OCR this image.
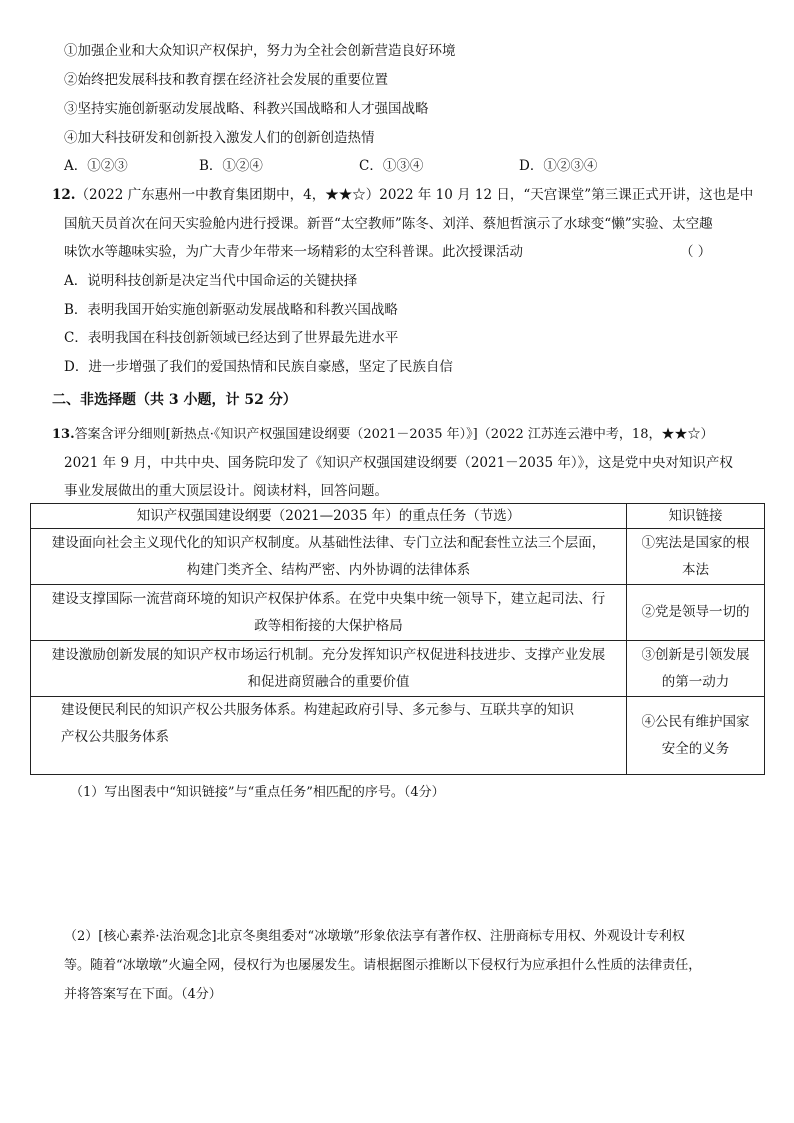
①加强企业和大众知识产权保护，努力为全社会创新营造良好环境
②始终把发展科技和教育摆在经济社会发展的重要位置
③坚持实施创新驱动发展战略、科教兴国战略和人才强国战略
④加大科技研发和创新投入激发人们的创新创造热情
A．①②③	B．①②④	C．①③④	D．①②③④
12.（2022 广东惠州一中教育集团期中，4，★★☆）2022 年 10 月 12 日，“天宫课堂”第三课正式开讲，这也是中
国航天员首次在问天实验舱内进行授课。新晋“太空教师”陈冬、刘洋、蔡旭哲演示了水球变“懒”实验、太空趣
味饮水等趣味实验，为广大青少年带来一场精彩的太空科普课。此次授课活动	（ ）
A．说明科技创新是决定当代中国命运的关键抉择
B．表明我国开始实施创新驱动发展战略和科教兴国战略
C．表明我国在科技创新领域已经达到了世界最先进水平
D．进一步增强了我们的爱国热情和民族自豪感，坚定了民族自信
二、非选择题（共 3 小题，计 52 分）
13.答案含评分细则[新热点·《知识产权强国建设纲要（2021－2035 年）》]（2022 江苏连云港中考，18，★★☆）
2021 年 9 月，中共中央、国务院印发了《知识产权强国建设纲要（2021－2035 年）》，这是党中央对知识产权
事业发展做出的重大顶层设计。阅读材料，回答问题。
知识产权强国建设纲要（2021—2035 年）的重点任务（节选）	知识链接
建设面向社会主义现代化的知识产权制度。从基础性法律、专门立法和配套性立法三个层面，
构建门类齐全、结构严密、内外协调的法律体系	①宪法是国家的根
本法
建设支撑国际一流营商环境的知识产权保护体系。在党中央集中统一领导下，建立起司法、行
政等相衔接的大保护格局	②党是领导一切的
建设激励创新发展的知识产权市场运行机制。充分发挥知识产权促进科技进步、支撑产业发展
和促进商贸融合的重要价值	③创新是引领发展
的第一动力
建设便民利民的知识产权公共服务体系。构建起政府引导、多元参与、互联共享的知识
产权公共服务体系	④公民有维护国家
安全的义务
（1）写出图表中“知识链接”与“重点任务”相匹配的序号。（4分）
（2）[核心素养·法治观念]北京冬奥组委对“冰墩墩”形象依法享有著作权、注册商标专用权、外观设计专利权
等。随着“冰墩墩”火遍全网，侵权行为也屡屡发生。请根据图示推断以下侵权行为应承担什么性质的法律责任，
并将答案写在下面。（4分）
